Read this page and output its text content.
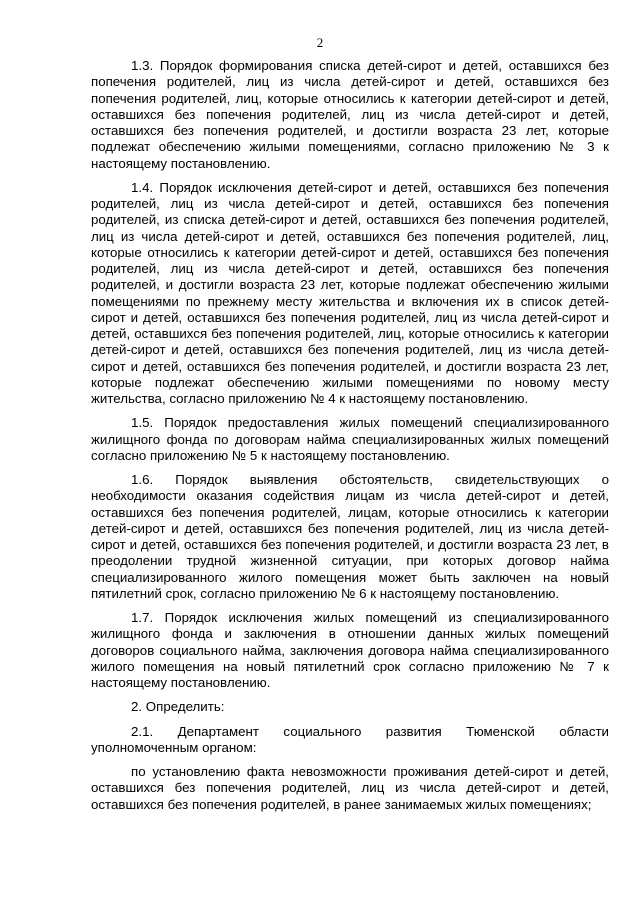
2

1.3. Порядок формирования списка детей-сирот и детей, оставшихся без попечения родителей, лиц из числа детей-сирот и детей, оставшихся без попечения родителей, лиц, которые относились к категории детей-сирот и детей, оставшихся без попечения родителей, лиц из числа детей-сирот и детей, оставшихся без попечения родителей, и достигли возраста 23 лет, которые подлежат обеспечению жилыми помещениями, согласно приложению № 3 к настоящему постановлению.

1.4. Порядок исключения детей-сирот и детей, оставшихся без попечения родителей, лиц из числа детей-сирот и детей, оставшихся без попечения родителей, из списка детей-сирот и детей, оставшихся без попечения родителей, лиц из числа детей-сирот и детей, оставшихся без попечения родителей, лиц, которые относились к категории детей-сирот и детей, оставшихся без попечения родителей, лиц из числа детей-сирот и детей, оставшихся без попечения родителей, и достигли возраста 23 лет, которые подлежат обеспечению жилыми помещениями по прежнему месту жительства и включения их в список детей-сирот и детей, оставшихся без попечения родителей, лиц из числа детей-сирот и детей, оставшихся без попечения родителей, лиц, которые относились к категории детей-сирот и детей, оставшихся без попечения родителей, лиц из числа детей-сирот и детей, оставшихся без попечения родителей, и достигли возраста 23 лет, которые подлежат обеспечению жилыми помещениями по новому месту жительства, согласно приложению № 4 к настоящему постановлению.

1.5. Порядок предоставления жилых помещений специализированного жилищного фонда по договорам найма специализированных жилых помещений согласно приложению № 5 к настоящему постановлению.

1.6. Порядок выявления обстоятельств, свидетельствующих о необходимости оказания содействия лицам из числа детей-сирот и детей, оставшихся без попечения родителей, лицам, которые относились к категории детей-сирот и детей, оставшихся без попечения родителей, лиц из числа детей-сирот и детей, оставшихся без попечения родителей, и достигли возраста 23 лет, в преодолении трудной жизненной ситуации, при которых договор найма специализированного жилого помещения может быть заключен на новый пятилетний срок, согласно приложению № 6 к настоящему постановлению.

1.7. Порядок исключения жилых помещений из специализированного жилищного фонда и заключения в отношении данных жилых помещений договоров социального найма, заключения договора найма специализированного жилого помещения на новый пятилетний срок согласно приложению № 7 к настоящему постановлению.

2. Определить:

2.1. Департамент социального развития Тюменской области уполномоченным органом:

по установлению факта невозможности проживания детей-сирот и детей, оставшихся без попечения родителей, лиц из числа детей-сирот и детей, оставшихся без попечения родителей, в ранее занимаемых жилых помещениях;
